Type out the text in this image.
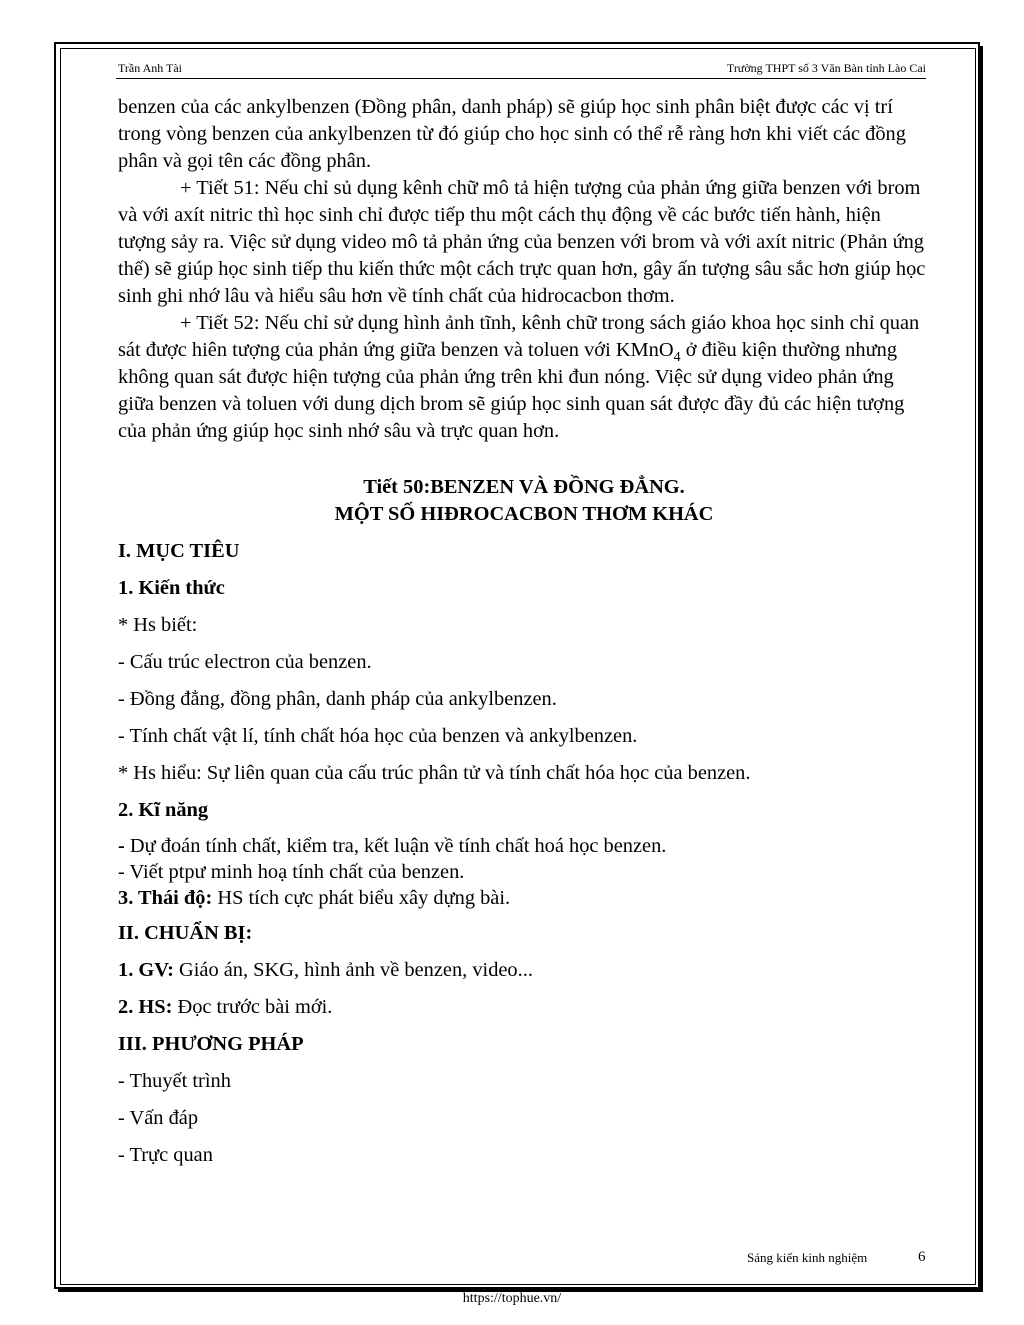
Trần Anh Tài	Trường THPT số 3 Văn Bàn tỉnh Lào Cai

benzen của các ankylbenzen (Đồng phân, danh pháp) sẽ giúp học sinh phân biệt được các vị trí trong vòng benzen của ankylbenzen từ đó giúp cho học sinh có thể rễ ràng hơn khi viết các đồng phân và gọi tên các đồng phân.

+ Tiết 51: Nếu chỉ sủ dụng kênh chữ mô tả hiện tượng của phản ứng giữa benzen với brom và với axít nitric thì học sinh chỉ được tiếp thu một cách thụ động về các bước tiến hành, hiện tượng sảy ra. Việc sử dụng video mô tả phản ứng của benzen với brom và với axít nitric (Phản ứng thế) sẽ giúp học sinh tiếp thu kiến thức một cách trực quan hơn, gây ấn tượng sâu sắc hơn giúp học sinh ghi nhớ lâu và hiểu sâu hơn về tính chất của hidrocacbon thơm.

+ Tiết 52: Nếu chỉ sử dụng hình ảnh tĩnh, kênh chữ trong sách giáo khoa học sinh chỉ quan sát được hiên tượng của phản ứng giữa benzen và toluen với KMnO$_4$ ở điều kiện thường nhưng không quan sát được hiện tượng của phản ứng trên khi đun nóng. Việc sử dụng video phản ứng giữa benzen và toluen với dung dịch brom sẽ giúp học sinh quan sát được đầy đủ các hiện tượng của phản ứng giúp học sinh nhớ sâu và trực quan hơn.

Tiết 50:BENZEN VÀ ĐỒNG ĐẲNG.

MỘT SỐ HIĐROCACBON THƠM KHÁC

I. MỤC TIÊU

1. Kiến thức

* Hs biết:

- Cấu trúc electron của benzen.

- Đồng đẳng, đồng phân, danh pháp của ankylbenzen.

- Tính chất vật lí, tính chất hóa học của benzen và ankylbenzen.

* Hs hiểu: Sự liên quan của cấu trúc phân tử và tính chất hóa học của benzen.

2. Kĩ năng

- Dự đoán tính chất, kiểm tra, kết luận về tính chất hoá học benzen.

- Viết ptpư minh hoạ tính chất của benzen.

3. Thái độ: HS tích cực phát biểu xây dựng bài.

II. CHUẨN BỊ:

1. GV: Giáo án, SKG, hình ảnh về benzen, video...

2. HS: Đọc trước bài mới.

III. PHƯƠNG PHÁP

- Thuyết trình

- Vấn đáp

- Trực quan

Sáng kiến kinh nghiệm	6
https://tophue.vn/
